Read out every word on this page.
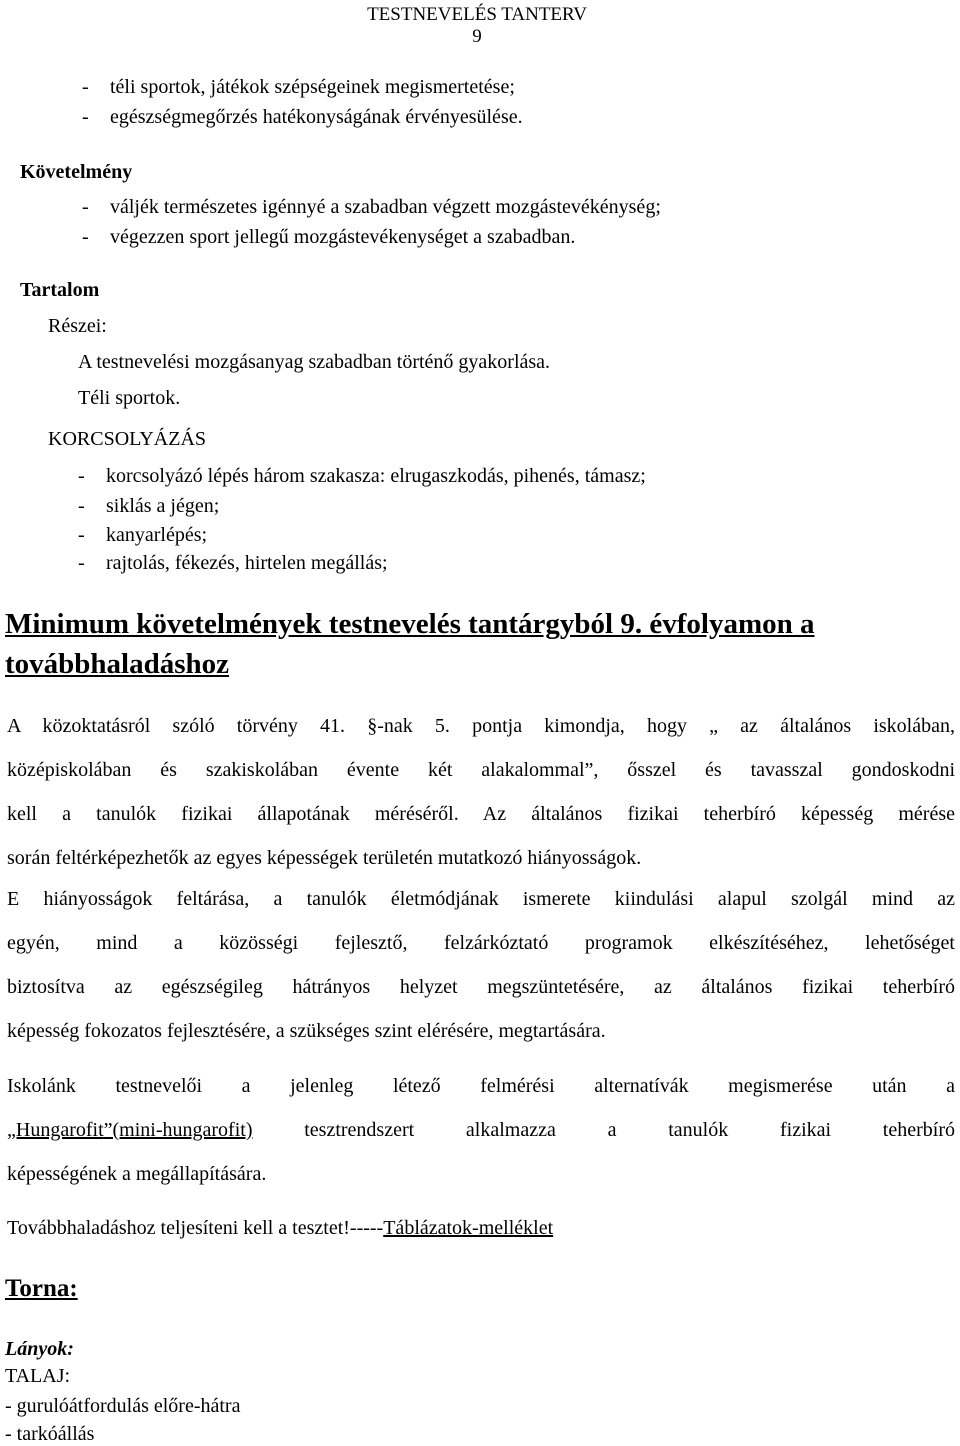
TESTNEVELÉS TANTERV
9
- téli sportok, játékok szépségeinek megismertetése;
- egészségmegőrzés hatékonyságának érvényesülése.
Követelmény
- váljék természetes igénnyé a szabadban végzett mozgástevékénység;
- végezzen sport jellegű mozgástevékenységet a szabadban.
Tartalom
Részei:
A testnevelési mozgásanyag szabadban történő gyakorlása.
Téli sportok.
KORCSOLYÁZÁS
- korcsolyázó lépés három szakasza: elrugaszkodás, pihenés, támasz;
- siklás a jégen;
- kanyarlépés;
- rajtolás, fékezés, hirtelen megállás;
Minimum követelmények testnevelés tantárgyból 9. évfolyamon a
továbbhaladáshoz
A közoktatásról szóló törvény 41. §-nak 5. pontja kimondja, hogy „ az általános iskolában,
középiskolában és szakiskolában évente két alakalommal”, ősszel és tavasszal gondoskodni
kell a tanulók fizikai állapotának méréséről. Az általános fizikai teherbíró képesség mérése
során feltérképezhetők az egyes képességek területén mutatkozó hiányosságok.
E hiányosságok feltárása, a tanulók életmódjának ismerete kiindulási alapul szolgál mind az
egyén, mind a közösségi fejlesztő, felzárkóztató programok elkészítéséhez, lehetőséget
biztosítva az egészségileg hátrányos helyzet megszüntetésére, az általános fizikai teherbíró
képesség fokozatos fejlesztésére, a szükséges szint elérésére, megtartására.
Iskolánk testnevelői a jelenleg létező felmérési alternatívák megismerése után a
„Hungarofit”(mini-hungarofit) tesztrendszert alkalmazza a tanulók fizikai teherbíró
képességének a megállapítására.
Továbbhaladáshoz teljesíteni kell a tesztet!-----Táblázatok-melléklet
Torna:
Lányok:
TALAJ:
- gurulóátfordulás előre-hátra
- tarkóállás
